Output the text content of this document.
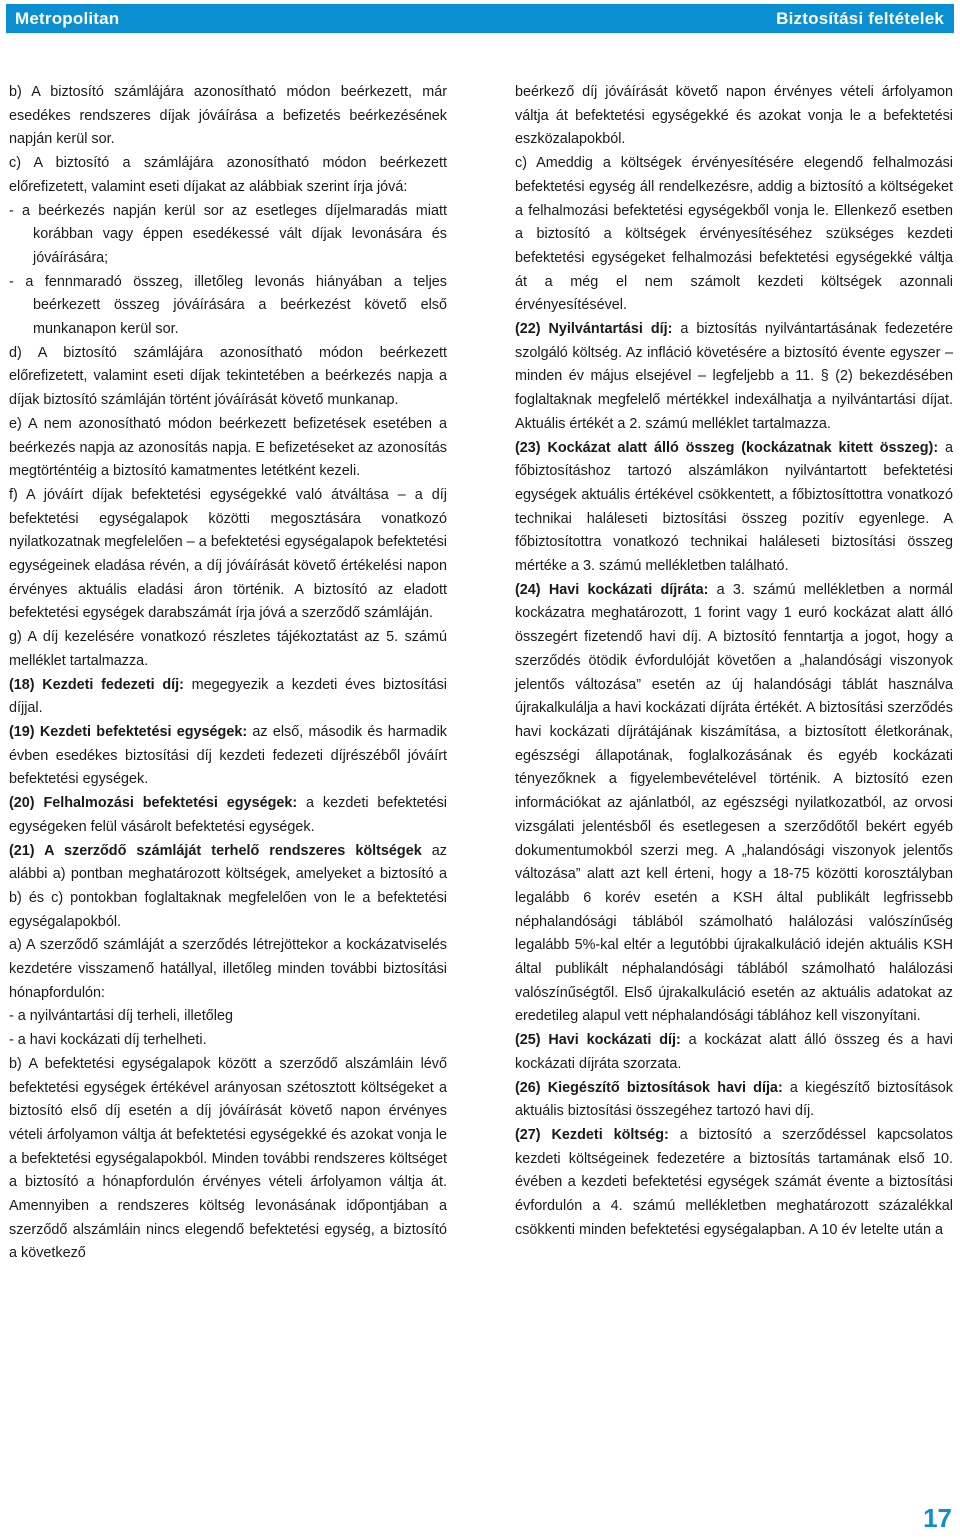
Metropolitan	Biztosítási feltételek

b) A biztosító számlájára azonosítható módon beérkezett, már esedékes rendszeres díjak jóváírása a befizetés beérkezésének napján kerül sor.

c) A biztosító a számlájára azonosítható módon beérkezett előrefizetett, valamint eseti díjakat az alábbiak szerint írja jóvá:

- a beérkezés napján kerül sor az esetleges díjelmaradás miatt korábban vagy éppen esedékessé vált díjak levonására és jóváírására;

- a fennmaradó összeg, illetőleg levonás hiányában a teljes beérkezett összeg jóváírására a beérkezést követő első munkanapon kerül sor.

d) A biztosító számlájára azonosítható módon beérkezett előrefizetett, valamint eseti díjak tekintetében a beérkezés napja a díjak biztosító számláján történt jóváírását követő munkanap.

e) A nem azonosítható módon beérkezett befizetések esetében a beérkezés napja az azonosítás napja. E befizetéseket az azonosítás megtörténtéig a biztosító kamatmentes letétként kezeli.

f) A jóváírt díjak befektetési egységekké való átváltása – a díj befektetési egységalapok közötti megosztására vonatkozó nyilatkozatnak megfelelően – a befektetési egységalapok befektetési egységeinek eladása révén, a díj jóváírását követő értékelési napon érvényes aktuális eladási áron történik. A biztosító az eladott befektetési egységek darabszámát írja jóvá a szerződő számláján.

g) A díj kezelésére vonatkozó részletes tájékoztatást az 5. számú melléklet tartalmazza.

(18) Kezdeti fedezeti díj: megegyezik a kezdeti éves biztosítási díjjal.

(19) Kezdeti befektetési egységek: az első, második és harmadik évben esedékes biztosítási díj kezdeti fedezeti díjrészéből jóváírt befektetési egységek.

(20) Felhalmozási befektetési egységek: a kezdeti befektetési egységeken felül vásárolt befektetési egységek.

(21) A szerződő számláját terhelő rendszeres költségek az alábbi a) pontban meghatározott költségek, amelyeket a biztosító a b) és c) pontokban foglaltaknak megfelelően von le a befektetési egységalapokból.

a) A szerződő számláját a szerződés létrejöttekor a kockázatviselés kezdetére visszamenő hatállyal, illetőleg minden további biztosítási hónapfordulón:

- a nyilvántartási díj terheli, illetőleg

- a havi kockázati díj terhelheti.

b) A befektetési egységalapok között a szerződő alszámláin lévő befektetési egységek értékével arányosan szétosztott költségeket a biztosító első díj esetén a díj jóváírását követő napon érvényes vételi árfolyamon váltja át befektetési egységekké és azokat vonja le a befektetési egységalapokból. Minden további rendszeres költséget a biztosító a hónapfordulón érvényes vételi árfolyamon váltja át. Amennyiben a rendszeres költség levonásának időpontjában a szerződő alszámláin nincs elegendő befektetési egység, a biztosító a következő

beérkező díj jóváírását követő napon érvényes vételi árfolyamon váltja át befektetési egységekké és azokat vonja le a befektetési eszközalapokból.

c) Ameddig a költségek érvényesítésére elegendő felhalmozási befektetési egység áll rendelkezésre, addig a biztosító a költségeket a felhalmozási befektetési egységekből vonja le. Ellenkező esetben a biztosító a költségek érvényesítéséhez szükséges kezdeti befektetési egységeket felhalmozási befektetési egységekké váltja át a még el nem számolt kezdeti költségek azonnali érvényesítésével.

(22) Nyilvántartási díj: a biztosítás nyilvántartásának fedezetére szolgáló költség. Az infláció követésére a biztosító évente egyszer – minden év május elsejével – legfeljebb a 11. § (2) bekezdésében foglaltaknak megfelelő mértékkel indexálhatja a nyilvántartási díjat. Aktuális értékét a 2. számú melléklet tartalmazza.

(23) Kockázat alatt álló összeg (kockázatnak kitett összeg): a főbiztosításhoz tartozó alszámlákon nyilvántartott befektetési egységek aktuális értékével csökkentett, a főbiztosíttottra vonatkozó technikai haláleseti biztosítási összeg pozitív egyenlege. A főbiztosítottra vonatkozó technikai haláleseti biztosítási összeg mértéke a 3. számú mellékletben található.

(24) Havi kockázati díjráta: a 3. számú mellékletben a normál kockázatra meghatározott, 1 forint vagy 1 euró kockázat alatt álló összegért fizetendő havi díj. A biztosító fenntartja a jogot, hogy a szerződés ötödik évfordulóját követően a „halandósági viszonyok jelentős változása” esetén az új halandósági táblát használva újrakalkulálja a havi kockázati díjráta értékét. A biztosítási szerződés havi kockázati díjrátájának kiszámítása, a biztosított életkorának, egészségi állapotának, foglalkozásának és egyéb kockázati tényezőknek a figyelembevételével történik. A biztosító ezen információkat az ajánlatból, az egészségi nyilatkozatból, az orvosi vizsgálati jelentésből és esetlegesen a szerződőtől bekért egyéb dokumentumokból szerzi meg. A „halandósági viszonyok jelentős változása” alatt azt kell érteni, hogy a 18-75 közötti korosztályban legalább 6 korév esetén a KSH által publikált legfrissebb néphalandósági táblából számolható halálozási valószínűség legalább 5%-kal eltér a legutóbbi újrakalkuláció idején aktuális KSH által publikált néphalandósági táblából számolható halálozási valószínűségtől. Első újrakalkuláció esetén az aktuális adatokat az eredetileg alapul vett néphalandósági táblához kell viszonyítani.

(25) Havi kockázati díj: a kockázat alatt álló összeg és a havi kockázati díjráta szorzata.

(26) Kiegészítő biztosítások havi díja: a kiegészítő biztosítások aktuális biztosítási összegéhez tartozó havi díj.

(27) Kezdeti költség: a biztosító a szerződéssel kapcsolatos kezdeti költségeinek fedezetére a biztosítás tartamának első 10. évében a kezdeti befektetési egységek számát évente a biztosítási évfordulón a 4. számú mellékletben meghatározott százalékkal csökkenti minden befektetési egységalapban. A 10 év letelte után a

17
